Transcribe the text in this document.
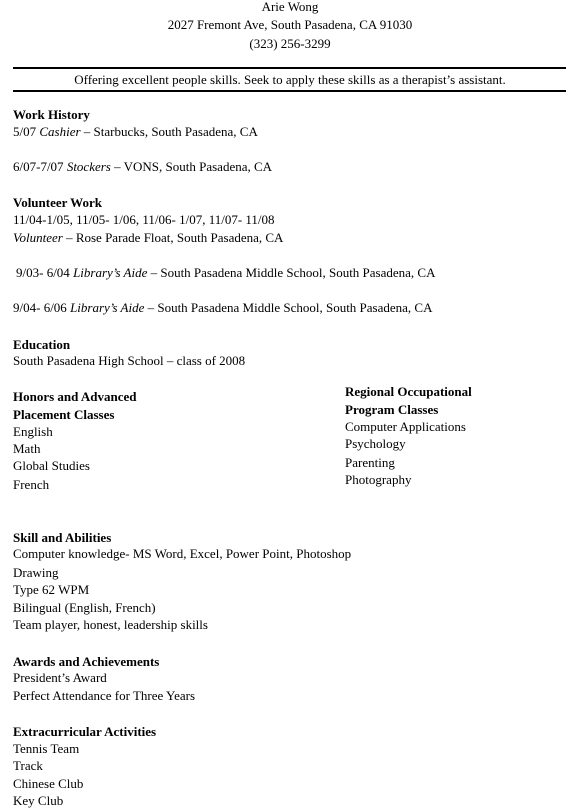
Arie Wong
2027 Fremont Ave, South Pasadena, CA 91030
(323) 256-3299
Offering excellent people skills. Seek to apply these skills as a therapist’s assistant.
Work History
5/07 Cashier – Starbucks, South Pasadena, CA
6/07-7/07 Stockers – VONS, South Pasadena, CA
Volunteer Work
11/04-1/05, 11/05- 1/06, 11/06- 1/07, 11/07- 11/08
Volunteer – Rose Parade Float, South Pasadena, CA
9/03- 6/04 Library’s Aide – South Pasadena Middle School, South Pasadena, CA
9/04- 6/06 Library’s Aide – South Pasadena Middle School, South Pasadena, CA
Education
South Pasadena High School – class of 2008
Honors and Advanced
Placement Classes
English
Math
Global Studies
French
Regional Occupational
Program Classes
Computer Applications
Psychology
Parenting
Photography
Skill and Abilities
Computer knowledge- MS Word, Excel, Power Point, Photoshop
Drawing
Type 62 WPM
Bilingual (English, French)
Team player, honest, leadership skills
Awards and Achievements
President’s Award
Perfect Attendance for Three Years
Extracurricular Activities
Tennis Team
Track
Chinese Club
Key Club
